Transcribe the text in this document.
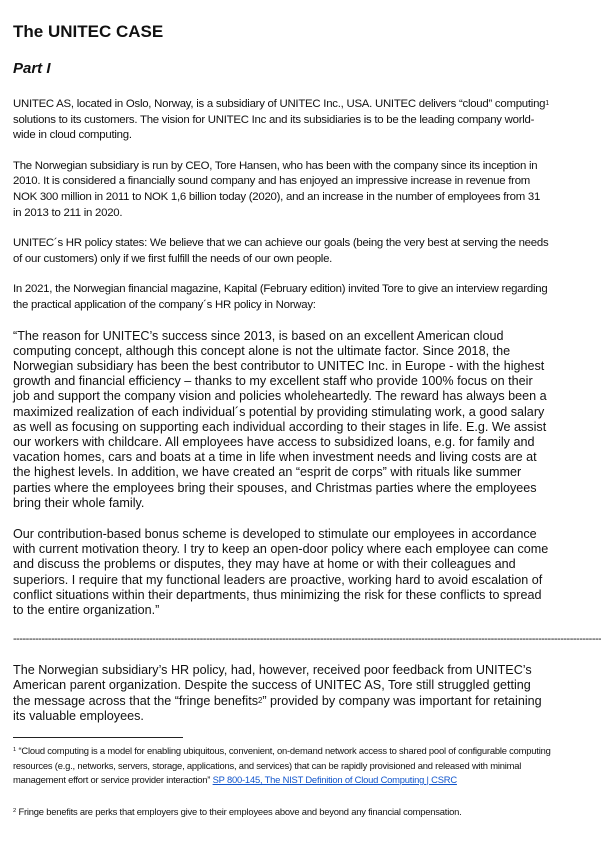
The UNITEC CASE
Part I

UNITEC AS, located in Oslo, Norway, is a subsidiary of UNITEC Inc., USA. UNITEC delivers “cloud” computing$^1$ solutions to its customers. The vision for UNITEC Inc and its subsidiaries is to be the leading company world-wide in cloud computing.

The Norwegian subsidiary is run by CEO, Tore Hansen, who has been with the company since its inception in 2010. It is considered a financially sound company and has enjoyed an impressive increase in revenue from NOK 300 million in 2011 to NOK 1,6 billion today (2020), and an increase in the number of employees from 31 in 2013 to 211 in 2020.

UNITEC´s HR policy states: We believe that we can achieve our goals (being the very best at serving the needs of our customers) only if we first fulfill the needs of our own people.

In 2021, the Norwegian financial magazine, Kapital (February edition) invited Tore to give an interview regarding the practical application of the company´s HR policy in Norway:

“The reason for UNITEC’s success since 2013, is based on an excellent American cloud computing concept, although this concept alone is not the ultimate factor. Since 2018, the Norwegian subsidiary has been the best contributor to UNITEC Inc. in Europe - with the highest growth and financial efficiency – thanks to my excellent staff who provide 100% focus on their job and support the company vision and policies wholeheartedly. The reward has always been a maximized realization of each individual´s potential by providing stimulating work, a good salary as well as focusing on supporting each individual according to their stages in life. E.g. We assist our workers with childcare. All employees have access to subsidized loans, e.g. for family and vacation homes, cars and boats at a time in life when investment needs and living costs are at the highest levels. In addition, we have created an “esprit de corps” with rituals like summer parties where the employees bring their spouses, and Christmas parties where the employees bring their whole family.

Our contribution-based bonus scheme is developed to stimulate our employees in accordance with current motivation theory. I try to keep an open-door policy where each employee can come and discuss the problems or disputes, they may have at home or with their colleagues and superiors. I require that my functional leaders are proactive, working hard to avoid escalation of conflict situations within their departments, thus minimizing the risk for these conflicts to spread to the entire organization.”

------------------------------------------------------------------------------------------------------------------------------------------------------------------------------------------

The Norwegian subsidiary’s HR policy, had, however, received poor feedback from UNITEC’s American parent organization. Despite the success of UNITEC AS, Tore still struggled getting the message across that the “fringe benefits$^2$” provided by company was important for retaining its valuable employees.

$^1$ “Cloud computing is a model for enabling ubiquitous, convenient, on-demand network access to shared pool of configurable computing resources (e.g., networks, servers, storage, applications, and services) that can be rapidly provisioned and released with minimal management effort or service provider interaction” SP 800-145, The NIST Definition of Cloud Computing | CSRC

$^2$ Fringe benefits are perks that employers give to their employees above and beyond any financial compensation.
